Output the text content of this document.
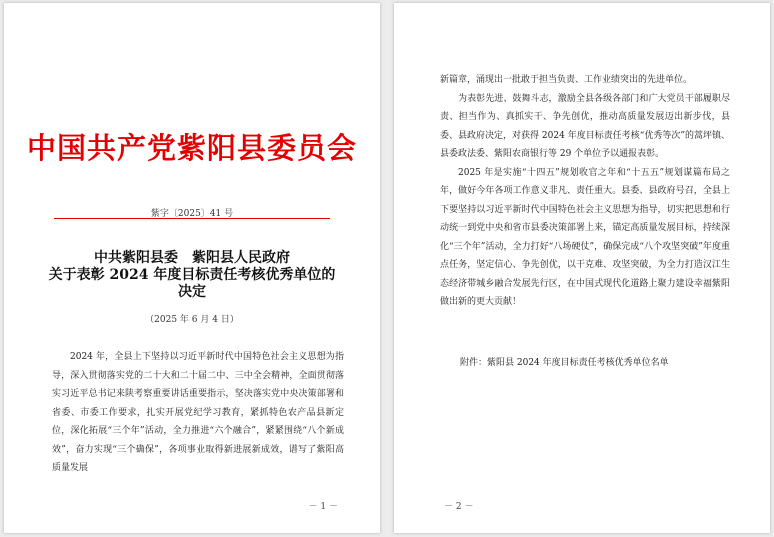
中国共产党紫阳县委员会
紫字〔2025〕41 号
中共紫阳县委　紫阳县人民政府
关于表彰 2024 年度目标责任考核优秀单位的
决定
（2025 年 6 月 4 日）

2024 年，全县上下坚持以习近平新时代中国特色社会主义思想为指导，深入贯彻落实党的二十大和二十届二中、三中全会精神，全面贯彻落实习近平总书记来陕考察重要讲话重要指示，坚决落实党中央决策部署和省委、市委工作要求，扎实开展党纪学习教育，紧抓特色农产品县新定位，深化拓展“三个年”活动，全力推进“六个融合”，紧紧围绕“八个新成效”，奋力实现“三个确保”，各项事业取得新进展新成效，谱写了紫阳高质量发展

－ 1 －

新篇章，涌现出一批敢于担当负责、工作业绩突出的先进单位。

为表彰先进、鼓舞斗志，激励全县各级各部门和广大党员干部履职尽责、担当作为、真抓实干、争先创优，推动高质量发展迈出新步伐，县委、县政府决定，对获得 2024 年度目标责任考核“优秀等次”的蒿坪镇、县委政法委、紫阳农商银行等 29 个单位予以通报表彰。

2025 年是实施“十四五”规划收官之年和“十五五”规划谋篇布局之年，做好今年各项工作意义非凡、责任重大。县委、县政府号召，全县上下要坚持以习近平新时代中国特色社会主义思想为指导，切实把思想和行动统一到党中央和省市县委决策部署上来，锚定高质量发展目标，持续深化“三个年”活动，全力打好“八场硬仗”，确保完成“八个攻坚突破”年度重点任务，坚定信心、争先创优，以干克难、攻坚突破，为全力打造汉江生态经济带城乡融合发展先行区，在中国式现代化道路上聚力建设幸福紫阳做出新的更大贡献！

附件：紫阳县 2024 年度目标责任考核优秀单位名单
－ 2 －
